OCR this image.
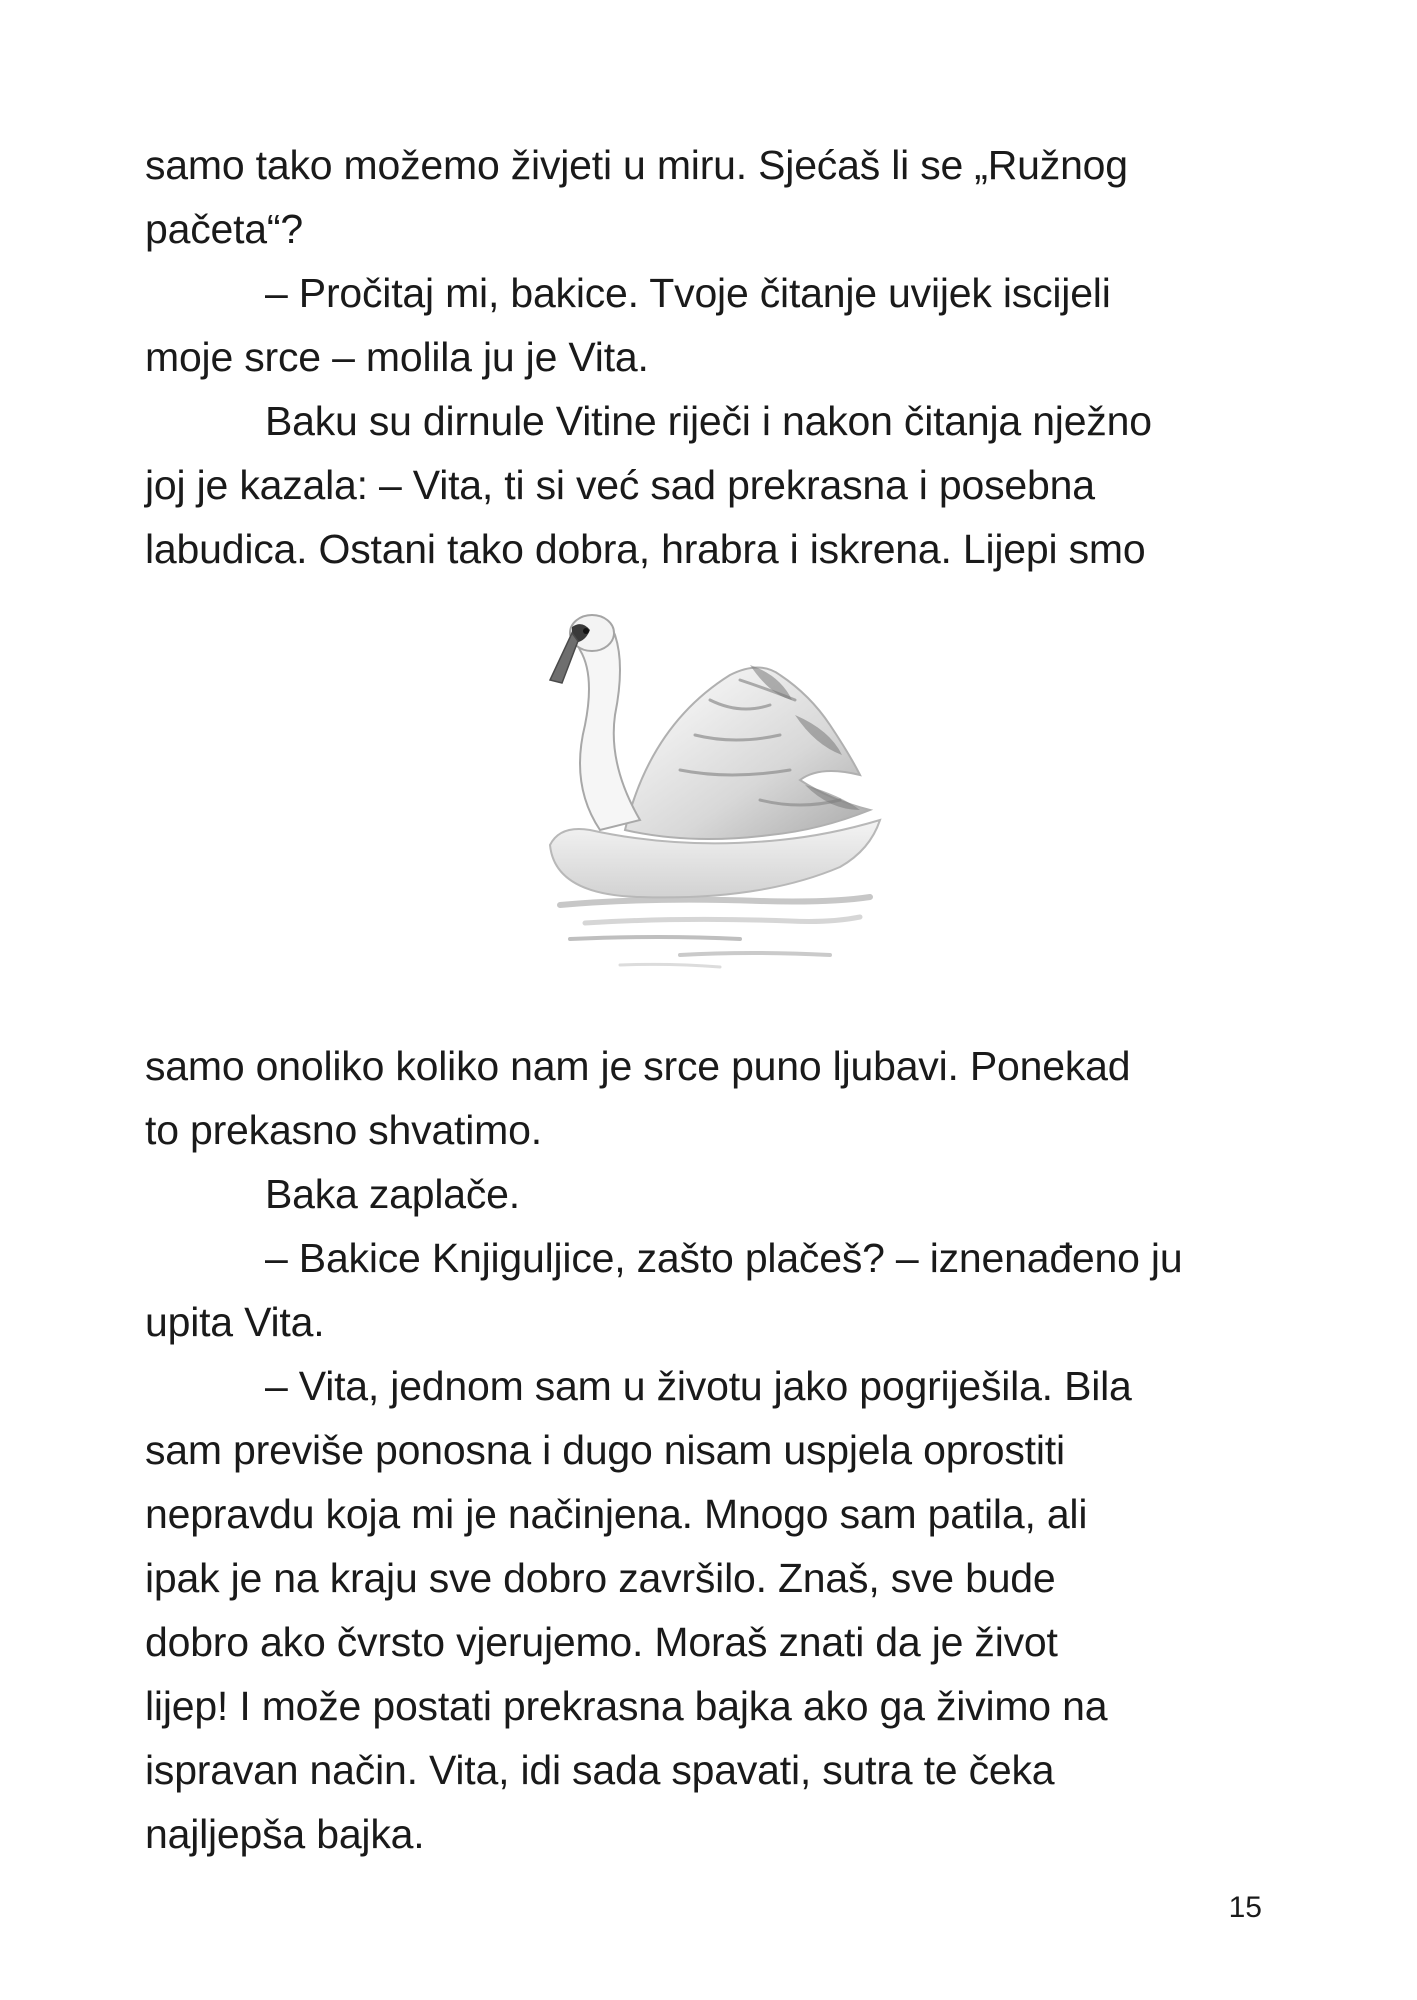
samo tako možemo živjeti u miru. Sjećaš li se „Ružnog

pačeta“?

– Pročitaj mi, bakice. Tvoje čitanje uvijek iscijeli

moje srce – molila ju je Vita.

Baku su dirnule Vitine riječi i nakon čitanja nježno

joj je kazala: – Vita, ti si već sad prekrasna i posebna

labudica. Ostani tako dobra, hrabra i iskrena. Lijepi smo

samo onoliko koliko nam je srce puno ljubavi. Ponekad

to prekasno shvatimo.

Baka zaplače.

– Bakice Knjiguljice, zašto plačeš? – iznenađeno ju

upita Vita.

– Vita, jednom sam u životu jako pogriješila. Bila

sam previše ponosna i dugo nisam uspjela oprostiti

nepravdu koja mi je načinjena. Mnogo sam patila, ali

ipak je na kraju sve dobro završilo. Znaš, sve bude

dobro ako čvrsto vjerujemo. Moraš znati da je život

lijep! I može postati prekrasna bajka ako ga živimo na

ispravan način. Vita, idi sada spavati, sutra te čeka

najljepša bajka.

15
